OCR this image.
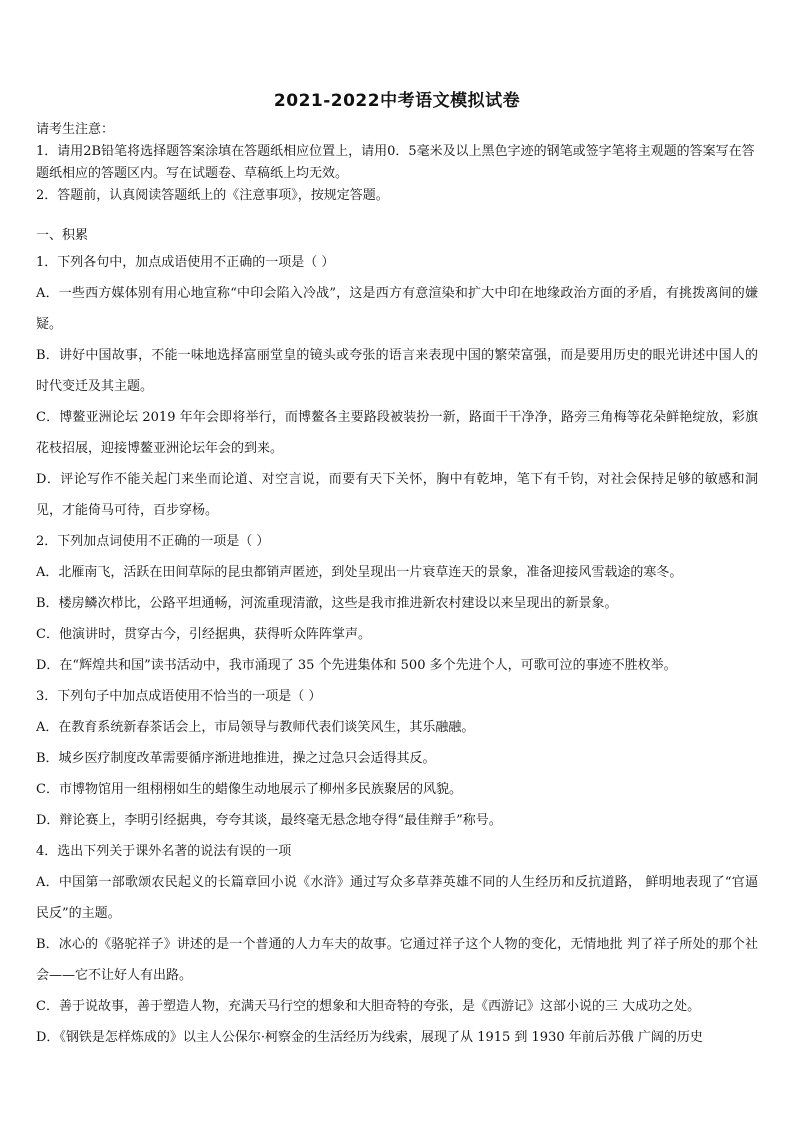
2021-2022中考语文模拟试卷

请考生注意：

1．请用2B铅笔将选择题答案涂填在答题纸相应位置上，请用0．5毫米及以上黑色字迹的钢笔或签字笔将主观题的答案写在答题纸相应的答题区内。写在试题卷、草稿纸上均无效。

2．答题前，认真阅读答题纸上的《注意事项》，按规定答题。

一、积累

1．下列各句中，加点成语使用不正确的一项是（ ）

A．一些西方媒体别有用心地宣称“中印会陷入冷战”，这是西方有意渲染和扩大中印在地缘政治方面的矛盾，有挑拨离间的嫌疑。

B．讲好中国故事，不能一味地选择富丽堂皇的镜头或夸张的语言来表现中国的繁荣富强，而是要用历史的眼光讲述中国人的时代变迁及其主题。

C．博鳌亚洲论坛 2019 年年会即将举行，而博鳌各主要路段被装扮一新，路面干干净净，路旁三角梅等花朵鲜艳绽放，彩旗花枝招展，迎接博鳌亚洲论坛年会的到来。

D．评论写作不能关起门来坐而论道、对空言说，而要有天下关怀，胸中有乾坤，笔下有千钧，对社会保持足够的敏感和洞见，才能倚马可待，百步穿杨。

2．下列加点词使用不正确的一项是（ ）

A．北雁南飞，活跃在田间草际的昆虫都销声匿迹，到处呈现出一片衰草连天的景象，准备迎接风雪载途的寒冬。

B．楼房鳞次栉比，公路平坦通畅，河流重现清澈，这些是我市推进新农村建设以来呈现出的新景象。

C．他演讲时，贯穿古今，引经据典，获得听众阵阵掌声。

D．在“辉煌共和国”读书活动中，我市涌现了 35 个先进集体和 500 多个先进个人，可歌可泣的事迹不胜枚举。

3．下列句子中加点成语使用不恰当的一项是（ ）

A．在教育系统新春茶话会上，市局领导与教师代表们谈笑风生，其乐融融。

B．城乡医疗制度改革需要循序渐进地推进，操之过急只会适得其反。

C．市博物馆用一组栩栩如生的蜡像生动地展示了柳州多民族聚居的风貌。

D．辩论赛上，李明引经据典，夸夸其谈，最终毫无悬念地夺得“最佳辩手”称号。

4．选出下列关于课外名著的说法有误的一项

A．中国第一部歌颂农民起义的长篇章回小说《水浒》通过写众多草莽英雄不同的人生经历和反抗道路， 鲜明地表现了“官逼民反”的主题。

B．冰心的《骆驼祥子》讲述的是一个普通的人力车夫的故事。它通过祥子这个人物的变化，无情地批 判了祥子所处的那个社会——它不让好人有出路。

C．善于说故事，善于塑造人物，充满天马行空的想象和大胆奇特的夸张，是《西游记》这部小说的三 大成功之处。

D．《钢铁是怎样炼成的》以主人公保尔·柯察金的生活经历为线索，展现了从 1915 到 1930 年前后苏俄 广阔的历史
